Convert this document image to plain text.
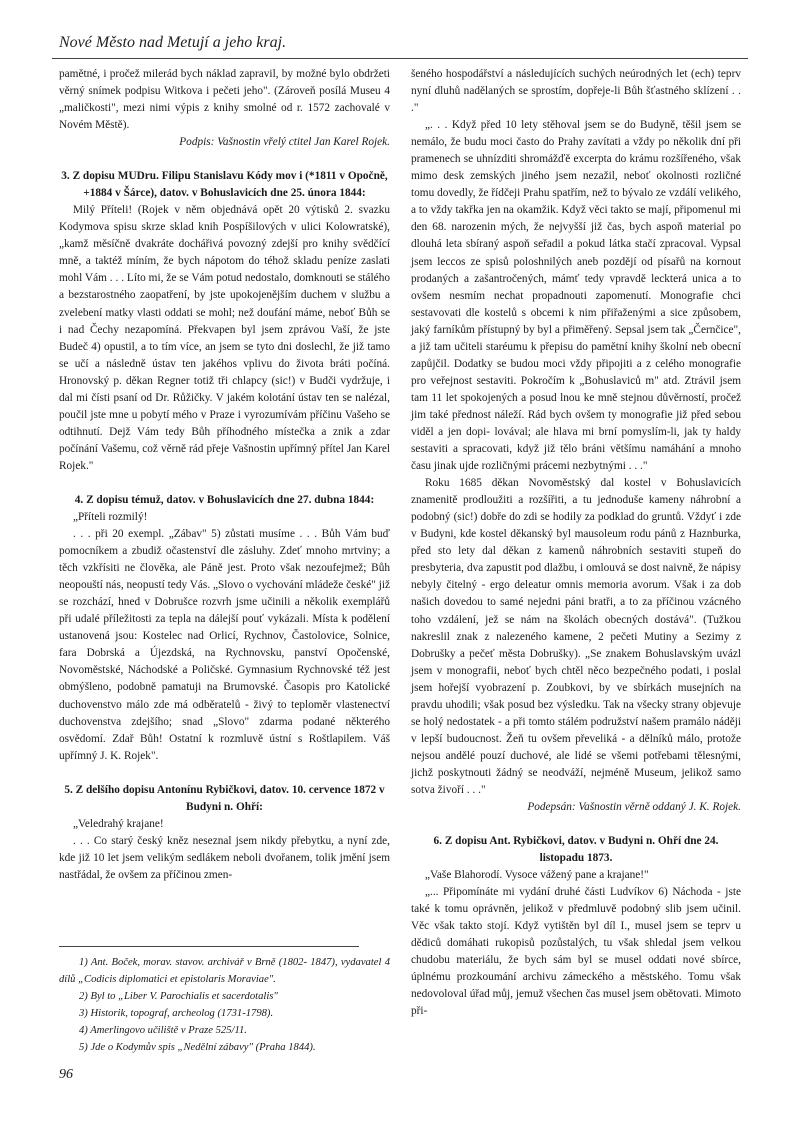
Nové Město nad Metují a jeho kraj.

pamětné, i pročež milerád bych náklad zapravil, by možné bylo obdržeti věrný snímek podpisu Witkova i pečeti jeho". (Zároveň posílá Museu 4 „maličkosti", mezi nimi výpis z knihy smolné od r. 1572 zachovalé v Novém Městě).

Podpis: Vašnostin vřelý ctitel Jan Karel Rojek.

3. Z dopisu MUDru. Filipu Stanislavu Kódy mov i (*1811 v Opočně, +1884 v Šárce), datov. v Bohuslavicích dne 25. února 1844:

Milý Příteli! (Rojek v něm objednává opět 20 výtisků 2. svazku Kodymova spisu skrze sklad knih Pospíšilových v ulici Kolowratské), „kamž měsíčně dvakráte dochářivá povozný zdejší pro knihy svědčící mně, a taktéž míním, že bych nápotom do téhož skladu peníze zaslati mohl Vám . . . Líto mi, že se Vám potud nedostalo, domknouti se stálého a bezstarostného zaopatření, by jste upokojenějším duchem v službu a zvelebení matky vlasti oddati se mohl; než doufání máme, neboť Bůh se i nad Čechy nezapomíná. Překvapen byl jsem zprávou Vaší, že jste Budeč 4) opustil, a to tím více, an jsem se tyto dni doslechl, že již tamo se učí a následně ústav ten jakéhos vplivu do života bráti počíná. Hronovský p. děkan Regner totiž tři chlapcy (sic!) v Budči vydržuje, i dal mi čísti psaní od Dr. Růžičky. V jakém kolotání ústav ten se nalézal, poučil jste mne u pobytí mého v Praze i vyrozumívám příčinu Vašeho se odtihnutí. Dejž Vám tedy Bůh příhodného místečka a znik a zdar počínání Vašemu, což věrně rád přeje Vašnostin upřímný přítel Jan Karel Rojek."

4. Z dopisu témuž, datov. v Bohuslavicích dne 27. dubna 1844:

„Příteli rozmilý!

. . . při 20 exempl. „Zábav" 5) zůstati musíme . . . Bůh Vám buď pomocníkem a zbudiž očastenství dle zásluhy. Zdeť mnoho mrtviny; a těch vzkřísiti ne člověka, ale Páně jest. Proto však nezoufejmež; Bůh neopouští nás, neopustí tedy Vás. „Slovo o vychování mládeže české" již se rozchází, hned v Dobrušce rozvrh jsme učinili a několik exemplářů při udalé příležitosti za tepla na dálejší pouť vykázali. Místa k podělení ustanovená jsou: Kostelec nad Orlicí, Rychnov, Častolovice, Solnice, fara Dobrská a Újezdská, na Rychnovsku, panství Opočenské, Novoměstské, Náchodské a Poličské. Gymnasium Rychnovské též jest obmýšleno, podobně pamatuji na Brumovské. Časopis pro Katolické duchovenstvo málo zde má odběratelů - živý to teploměr vlastenectví duchovenstva zdejšího; snad „Slovo" zdarma podané některého osvědomí. Zdař Bůh! Ostatní k rozmluvě ústní s Roštlapilem. Váš upřímný J. K. Rojek".

5. Z delšího dopisu Antonínu Rybičkovi, datov. 10. cervence 1872 v Budyni n. Ohří:

„Veledrahý krajane!

. . . Co starý český kněz neseznal jsem nikdy přebytku, a nyní zde, kde již 10 let jsem velikým sedlákem neboli dvořanem, tolik jmění jsem nastřádal, že ovšem za příčinou zmen-

1) Ant. Boček, morav. stavov. archivář v Brně (1802- 1847), vydavatel 4 dílů „Codicis diplomatici et epistolaris Moraviae".

2) Byl to „Liber V. Parochialis et sacerdotalis"

3) Historik, topograf, archeolog (1731-1798).

4) Amerlingovo učiliště v Praze 525/11.

5) Jde o Kodymův spis „Nedělní zábavy" (Praha 1844).

šeného hospodářství a následujících suchých neúrodných let (ech) teprv nyní dluhů nadělaných se sprostím, dopřeje-li Bůh šťastného sklízení . . ."

„. . . Když před 10 lety stěhoval jsem se do Budyně, těšil jsem se nemálo, že budu moci často do Prahy zavítati a vždy po několik dní při pramenech se uhnízditi shromážďě excerpta do krámu rozšířeného, však mimo desk zemských jiného jsem nezažil, neboť okolnosti rozličné tomu dovedly, že řídčeji Prahu spatřím, než to bývalo ze vzdálí velikého, a to vždy takřka jen na okamžik. Když věci takto se mají, připomenul mi den 68. narozenin mých, že nejvyšší již čas, bych aspoň material po dlouhá leta sbíraný aspoň seřadil a pokud látka stačí zpracoval. Vypsal jsem leccos ze spisů poloshnilých aneb pozdějí od písařů na kornout prodaných a zašantročených, mámť tedy vpravdě leckterá unica a to ovšem nesmím nechat propadnouti zapomenutí. Monografie chci sestavovati dle kostelů s obcemi k nim přiřaženými a sice způsobem, jaký farníkům přístupný by byl a přiměřený. Sepsal jsem tak „Černčice", a již tam učiteli staréumu k přepisu do pamětní knihy školní neb obecní zapůjčil. Dodatky se budou moci vždy připojiti a z celého monografie pro veřejnost sestaviti. Pokročím k „Bohuslaviců m" atd. Ztrávil jsem tam 11 let spokojených a posud lnou ke mně stejnou důvěrností, pročež jim také přednost náleží. Rád bych ovšem ty monografie již před sebou viděl a jen dopi- lovával; ale hlava mi brní pomyslím-li, jak ty haldy sestaviti a spracovati, když již tělo bráni většímu namáhání a mnoho času jinak ujde rozličnými prácemi nezbytnými . . ."

Roku 1685 děkan Novoměstský dal kostel v Bohuslavicích znamenitě prodloužiti a rozšířiti, a tu jednoduše kameny náhrobní a podobný (sic!) dobře do zdi se hodily za podklad do gruntů. Vždyť i zde v Budyni, kde kostel děkanský byl mausoleum rodu pánů z Haznburka, před sto lety dal děkan z kamenů náhrobních sestaviti stupeň do presbyteria, dva zapustit pod dlažbu, i omlouvá se dost naivně, že nápisy nebyly čitelný - ergo deleatur omnis memoria avorum. Však i za dob našich dovedou to samé nejedni páni bratři, a to za příčinou vzácného toho vzdálení, jež se nám na školách obecných dostává". (Tužkou nakreslil znak z nalezeného kamene, 2 pečeti Mutiny a Sezimy z Dobrušky a pečeť města Dobrušky). „Se znakem Bohuslavským uvázl jsem v monografii, neboť bych chtěl něco bezpečného podati, i poslal jsem hořejší vyobrazení p. Zoubkovi, by ve sbírkách musejních na pravdu uhodili; však posud bez výsledku. Tak na všecky strany objevuje se holý nedostatek - a při tomto stálém podružství našem pramálo náději v lepší budoucnost. Žeň tu ovšem převeliká - a dělníků málo, protože nejsou andělé pouzí duchové, ale lidé se všemi potřebami tělesnými, jichž poskytnouti žádný se neodváží, nejméně Museum, jelikož samo sotva živoří . . ."

Podepsán: Vašnostin věrně oddaný J. K. Rojek.

6. Z dopisu Ant. Rybičkovi, datov. v Budyni n. Ohří dne 24. listopadu 1873.

„Vaše Blahorodí. Vysoce vážený pane a krajane!"

„... Připomínáte mi vydání druhé části Ludvíkov 6) Náchoda - jste také k tomu oprávněn, jelikož v předmluvě podobný slib jsem učinil. Věc však takto stojí. Když vytištěn byl díl I., musel jsem se teprv u dědiců domáhati rukopisů pozůstalých, tu však shledal jsem velkou chudobu materiálu, že bych sám byl se musel oddati nové sbírce, úplnému prozkoumání archivu zámeckého a městského. Tomu však nedovoloval úřad můj, jemuž všechen čas musel jsem obětovati. Mimoto při-

96
